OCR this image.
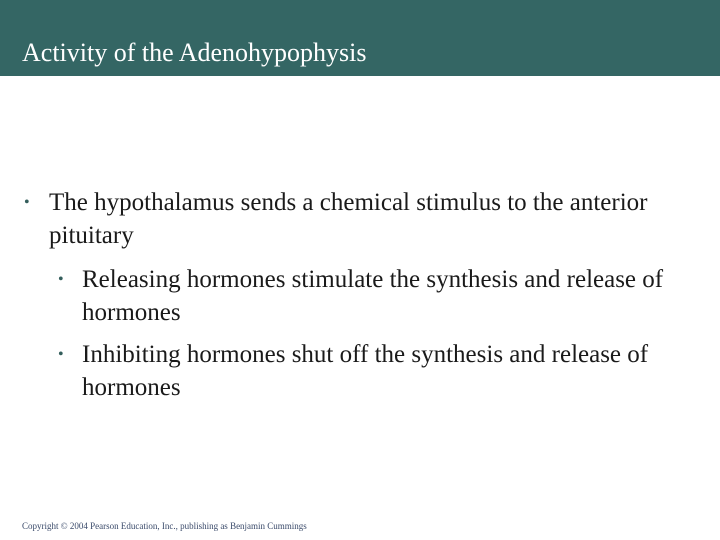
Activity of the Adenohypophysis
• The hypothalamus sends a chemical stimulus to the anterior pituitary
• Releasing hormones stimulate the synthesis and release of hormones
• Inhibiting hormones shut off the synthesis and release of hormones
Copyright © 2004 Pearson Education, Inc., publishing as Benjamin Cummings
